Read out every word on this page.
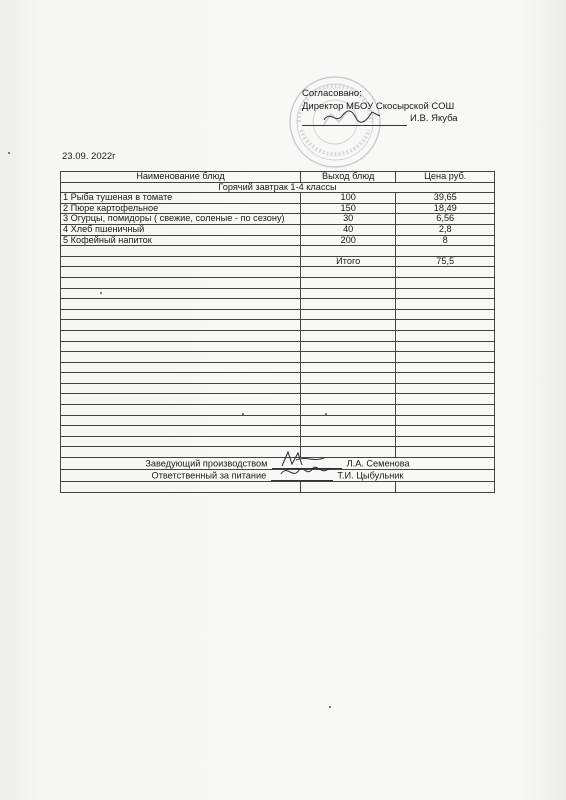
Согласовано:
Директор МБОУ Скосырской СОШ
И.В. Якуба
23.09. 2022г
Наименование блюд	Выход блюд	Цена руб.
Горячий завтрак 1-4 классы		
1 Рыба тушеная в томате	100	39,65
2 Пюре картофельное	150	18,49
3 Огурцы, помидоры ( свежие, соленые - по сезону)	30	6,56
4 Хлеб пшеничный	40	2,8
5 Кофейный напиток	200	8

	Итого	75,5

Заведующий производством Л.А. Семенова		
Ответственный за питание Т.И. Цыбульник		
